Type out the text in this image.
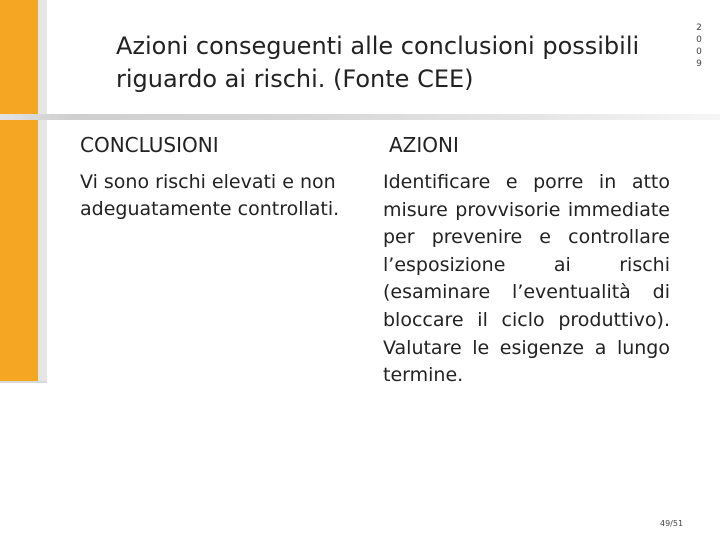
Azioni conseguenti alle conclusioni possibili riguardo ai rischi. (Fonte CEE)
2009
CONCLUSIONI	AZIONI
Vi sono rischi elevati e non adeguatamente controllati.
Identificare e porre in atto misure provvisorie immediate per prevenire e controllare l’esposizione ai rischi (esaminare l’eventualità di bloccare il ciclo produttivo). Valutare le esigenze a lungo termine.
49/51
